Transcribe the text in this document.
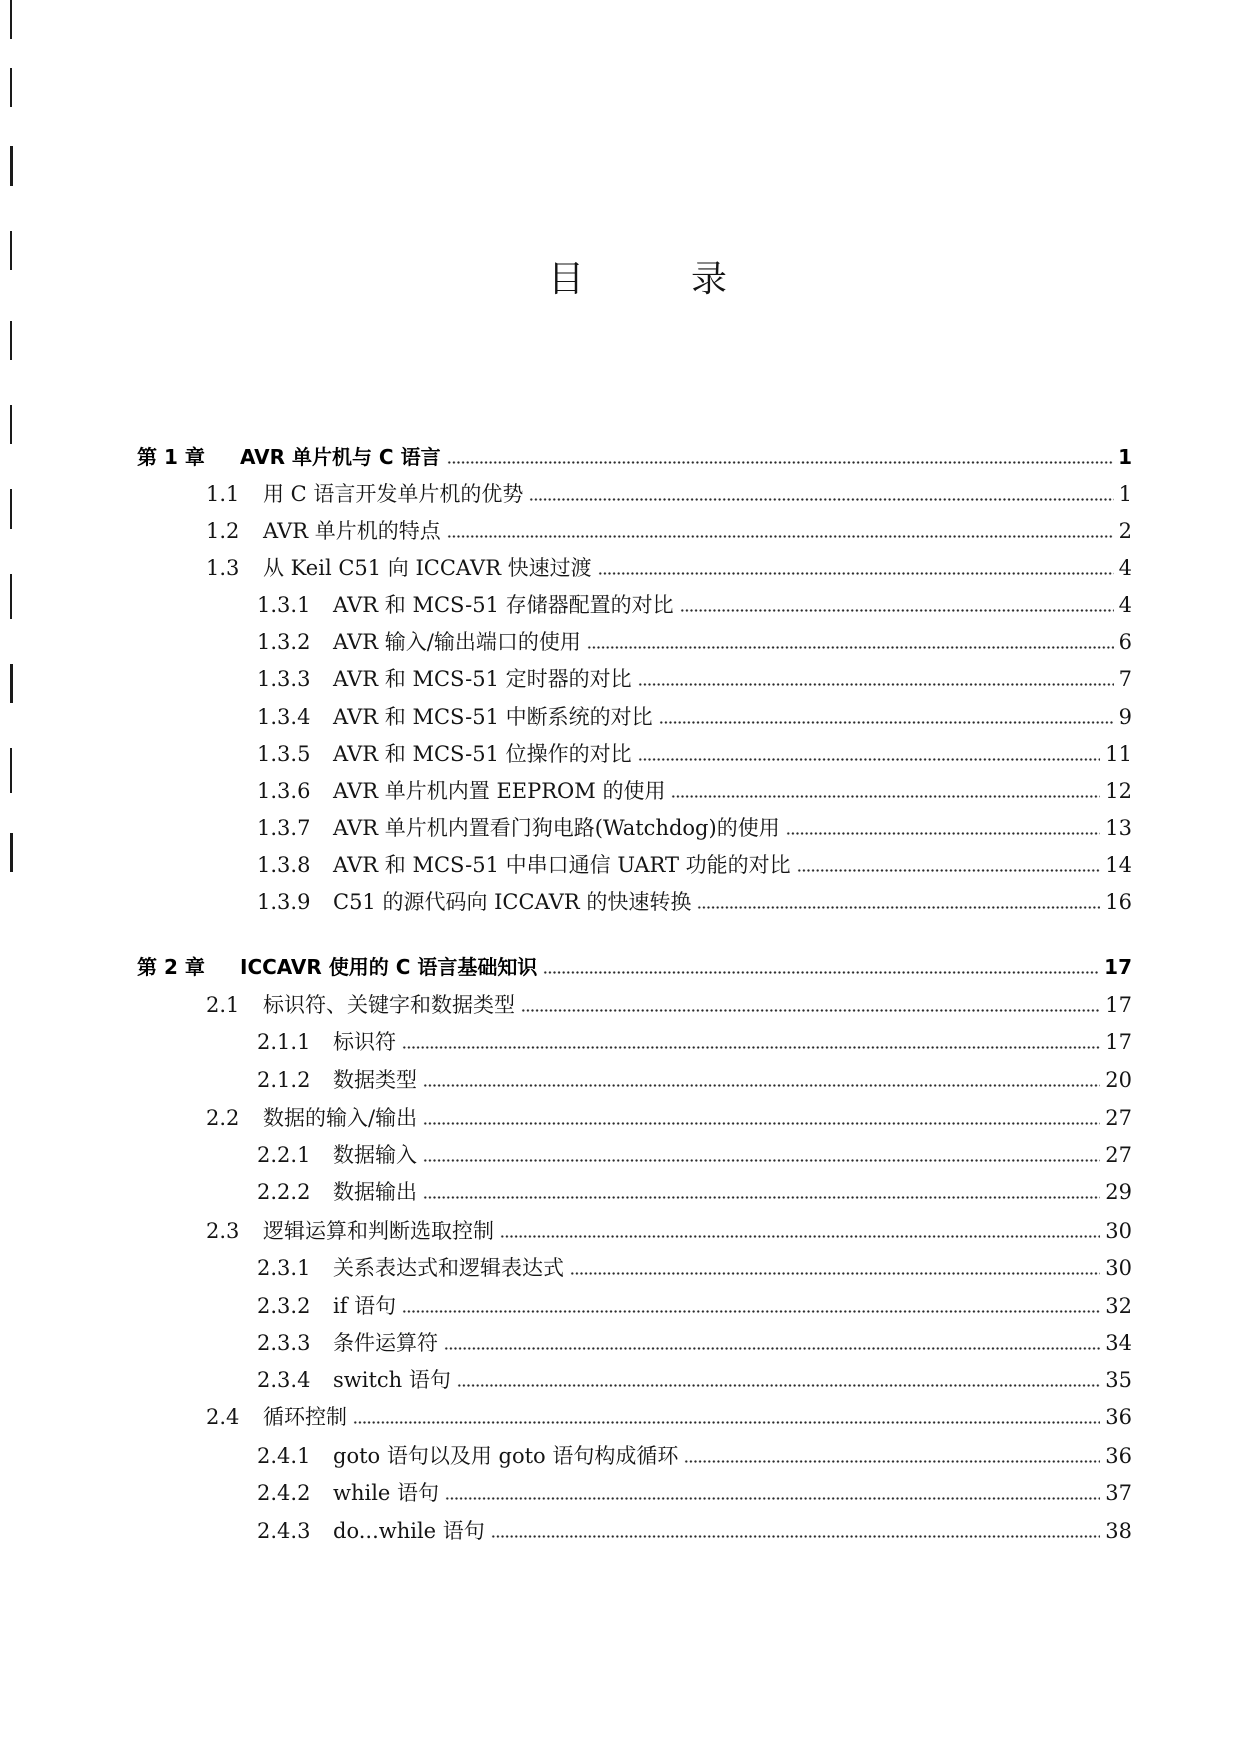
目	录
第 1 章	AVR 单片机与 C 语言	1
1.1	用 C 语言开发单片机的优势	1
1.2	AVR 单片机的特点	2
1.3	从 Keil C51 向 ICCAVR 快速过渡	4
1.3.1	AVR 和 MCS-51 存储器配置的对比	4
1.3.2	AVR 输入/输出端口的使用	6
1.3.3	AVR 和 MCS-51 定时器的对比	7
1.3.4	AVR 和 MCS-51 中断系统的对比	9
1.3.5	AVR 和 MCS-51 位操作的对比	11
1.3.6	AVR 单片机内置 EEPROM 的使用	12
1.3.7	AVR 单片机内置看门狗电路(Watchdog)的使用	13
1.3.8	AVR 和 MCS-51 中串口通信 UART 功能的对比	14
1.3.9	C51 的源代码向 ICCAVR 的快速转换	16
第 2 章	ICCAVR 使用的 C 语言基础知识	17
2.1	标识符、关键字和数据类型	17
2.1.1	标识符	17
2.1.2	数据类型	20
2.2	数据的输入/输出	27
2.2.1	数据输入	27
2.2.2	数据输出	29
2.3	逻辑运算和判断选取控制	30
2.3.1	关系表达式和逻辑表达式	30
2.3.2	if 语句	32
2.3.3	条件运算符	34
2.3.4	switch 语句	35
2.4	循环控制	36
2.4.1	goto 语句以及用 goto 语句构成循环	36
2.4.2	while 语句	37
2.4.3	do...while 语句	38
